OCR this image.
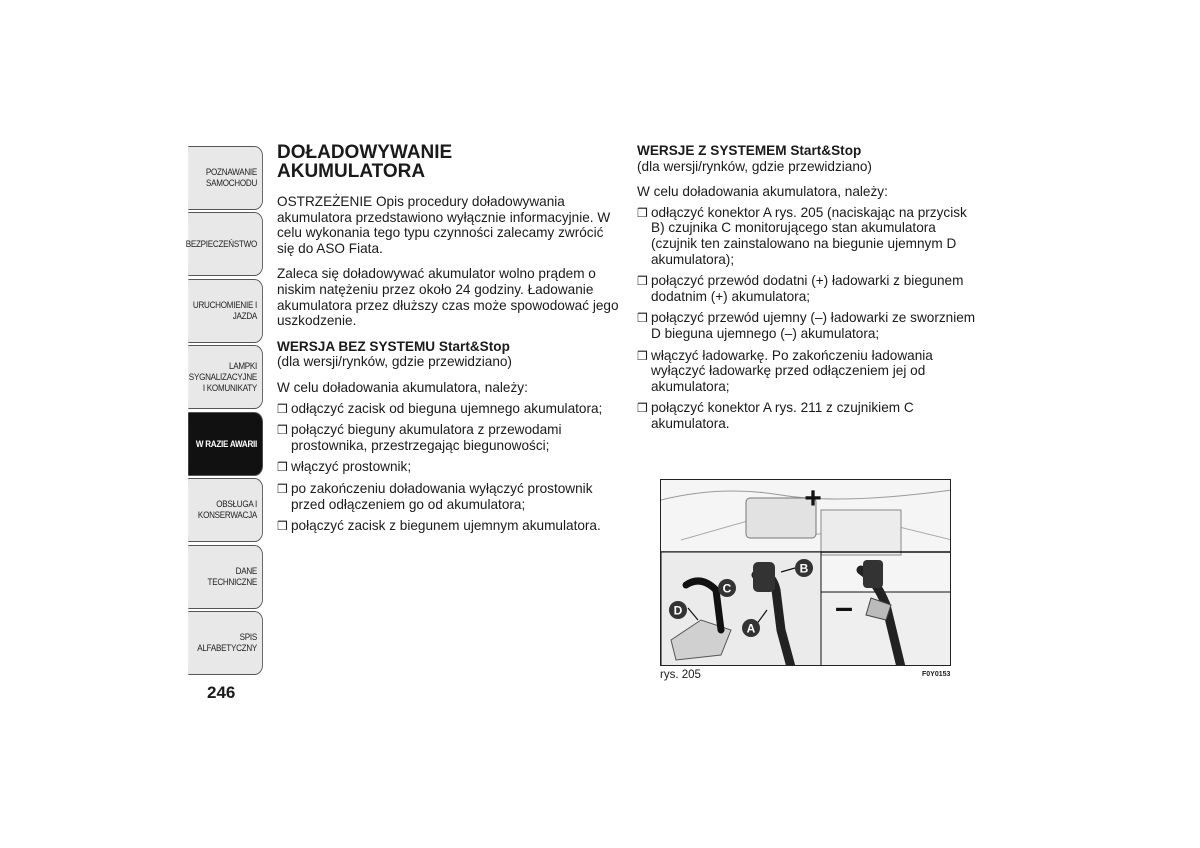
POZNAWANIE SAMOCHODU
BEZPIECZEŃSTWO
URUCHOMIENIE I JAZDA
LAMPKI SYGNALIZACYJNE I KOMUNIKATY
W RAZIE AWARII
OBSŁUGA I KONSERWACJA
DANE TECHNICZNE
SPIS ALFABETYCZNY
246
DOŁADOWYWANIE
AKUMULATORA

OSTRZEŻENIE Opis procedury doładowywania akumulatora przedstawiono wyłącznie informacyjnie. W celu wykonania tego typu czynności zalecamy zwrócić się do ASO Fiata.

Zaleca się doładowywać akumulator wolno prądem o niskim natężeniu przez około 24 godziny. Ładowanie akumulatora przez dłuższy czas może spowodować jego uszkodzenie.

WERSJA BEZ SYSTEMU Start&Stop
(dla wersji/rynków, gdzie przewidziano)

W celu doładowania akumulatora, należy:

❒ odłączyć zacisk od bieguna ujemnego akumulatora;
❒ połączyć bieguny akumulatora z przewodami prostownika, przestrzegając biegunowości;
❒ włączyć prostownik;
❒ po zakończeniu doładowania wyłączyć prostownik przed odłączeniem go od akumulatora;
❒ połączyć zacisk z biegunem ujemnym akumulatora.
WERSJE Z SYSTEMEM Start&Stop
(dla wersji/rynków, gdzie przewidziano)

W celu doładowania akumulatora, należy:

❒ odłączyć konektor A rys. 205 (naciskając na przycisk B) czujnika C monitorującego stan akumulatora (czujnik ten zainstalowano na biegunie ujemnym D akumulatora);
❒ połączyć przewód dodatni (+) ładowarki z biegunem dodatnim (+) akumulatora;
❒ połączyć przewód ujemny (–) ładowarki ze sworzniem D bieguna ujemnego (–) akumulatora;
❒ włączyć ładowarkę. Po zakończeniu ładowania wyłączyć ładowarkę przed odłączeniem jej od akumulatora;
❒ połączyć konektor A rys. 211 z czujnikiem C akumulatora.
+
–
C
D
A
B
rys. 205	F0Y0153
